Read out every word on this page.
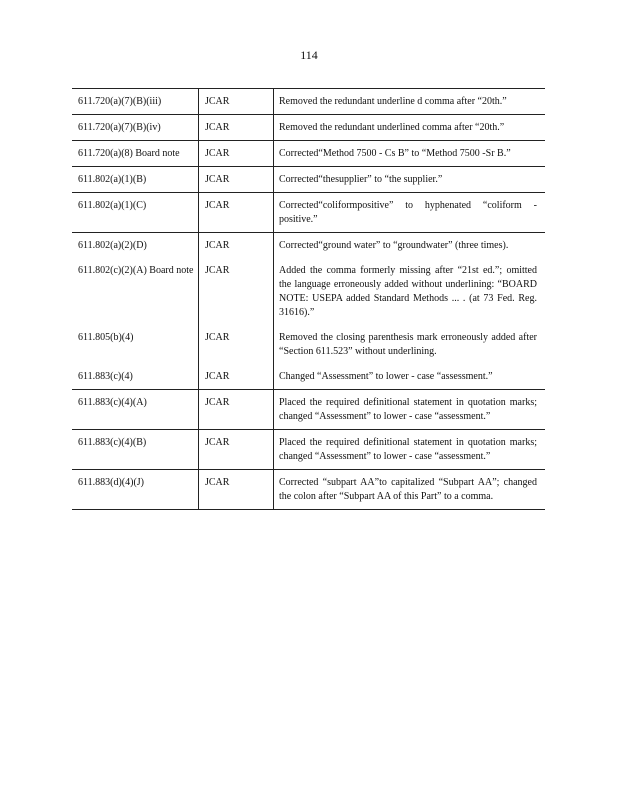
114
611.720(a)(7)(B)(iii)	JCAR	Removed the redundant underline d comma after “20th.”
611.720(a)(7)(B)(iv)	JCAR	Removed the redundant underlined comma after “20th.”
611.720(a)(8) Board note	JCAR	Corrected“Method 7500 - Cs B” to “Method 7500 -Sr B.”
611.802(a)(1)(B)	JCAR	Corrected“thesupplier” to “the supplier.”
611.802(a)(1)(C)	JCAR	Corrected“coliformpositive” to hyphenated “coliform -positive.”
611.802(a)(2)(D)	JCAR	Corrected“ground water” to “groundwater” (three times).
611.802(c)(2)(A) Board note	JCAR	Added the comma formerly missing after “21st ed.”; omitted the language erroneously added without underlining: “BOARD NOTE: USEPA added Standard Methods ... . (at 73 Fed. Reg. 31616).”
611.805(b)(4)	JCAR	Removed the closing parenthesis mark erroneously added after “Section 611.523” without underlining.
611.883(c)(4)	JCAR	Changed “Assessment” to lower - case “assessment.”
611.883(c)(4)(A)	JCAR	Placed the required definitional statement in quotation marks; changed “Assessment” to lower - case “assessment.”
611.883(c)(4)(B)	JCAR	Placed the required definitional statement in quotation marks; changed “Assessment” to lower - case “assessment.”
611.883(d)(4)(J)	JCAR	Corrected “subpart AA”to capitalized “Subpart AA”; changed the colon after “Subpart AA of this Part” to a comma.
